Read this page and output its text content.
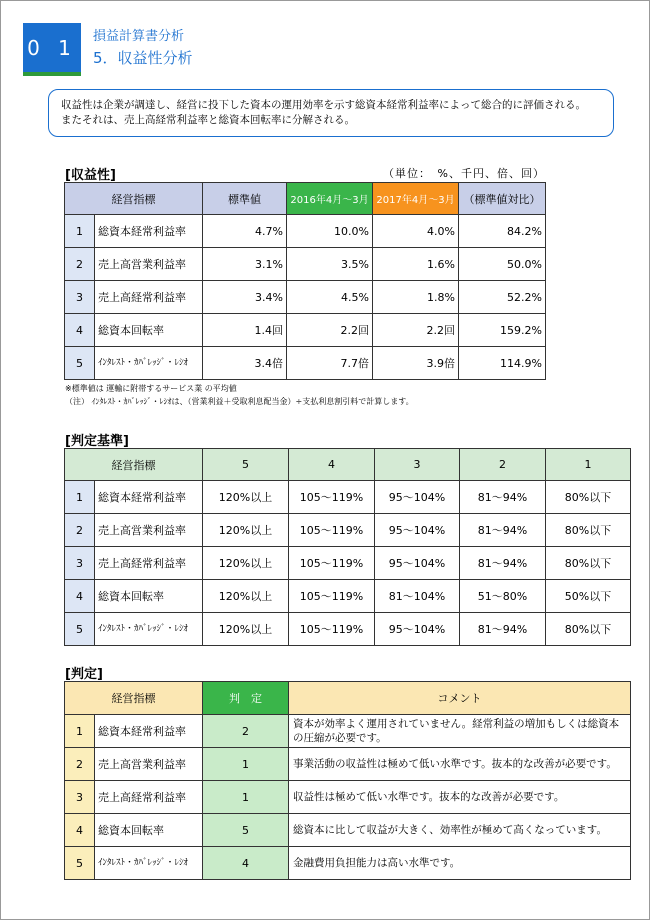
0 1	損益計算書分析
5．収益性分析
収益性は企業が調達し、経営に投下した資本の運用効率を示す総資本経常利益率によって総合的に評価される。
またそれは、売上高経常利益率と総資本回転率に分解される。
[収益性]	（単位：　%、千円、倍、回）
経営指標		標準値	2016年4月～3月	2017年4月～3月	（標準値対比）
1	総資本経常利益率	4.7%	10.0%	4.0%	84.2%
2	売上高営業利益率	3.1%	3.5%	1.6%	50.0%
3	売上高経常利益率	3.4%	4.5%	1.8%	52.2%
4	総資本回転率	1.4回	2.2回	2.2回	159.2%
5	ｲﾝﾀﾚｽﾄ・ｶﾊﾞﾚｯｼﾞ・ﾚｼｵ	3.4倍	7.7倍	3.9倍	114.9%
※標準値は 運輸に附帯するサービス業 の平均値
（注） ｲﾝﾀﾚｽﾄ・ｶﾊﾞﾚｯｼﾞ・ﾚｼｵは、（営業利益＋受取利息配当金）÷支払利息割引料で計算します。
[判定基準]
経営指標		5	4	3	2	1
1	総資本経常利益率	120%以上	105～119%	95～104%	81～94%	80%以下
2	売上高営業利益率	120%以上	105～119%	95～104%	81～94%	80%以下
3	売上高経常利益率	120%以上	105～119%	95～104%	81～94%	80%以下
4	総資本回転率	120%以上	105～119%	81～104%	51～80%	50%以下
5	ｲﾝﾀﾚｽﾄ・ｶﾊﾞﾚｯｼﾞ・ﾚｼｵ	120%以上	105～119%	95～104%	81～94%	80%以下
[判定]
経営指標		判　定	コメント
1	総資本経常利益率	2	資本が効率よく運用されていません。経常利益の増加もしくは総資本の圧縮が必要です。
2	売上高営業利益率	1	事業活動の収益性は極めて低い水準です。抜本的な改善が必要です。
3	売上高経常利益率	1	収益性は極めて低い水準です。抜本的な改善が必要です。
4	総資本回転率	5	総資本に比して収益が大きく、効率性が極めて高くなっています。
5	ｲﾝﾀﾚｽﾄ・ｶﾊﾞﾚｯｼﾞ・ﾚｼｵ	4	金融費用負担能力は高い水準です。
